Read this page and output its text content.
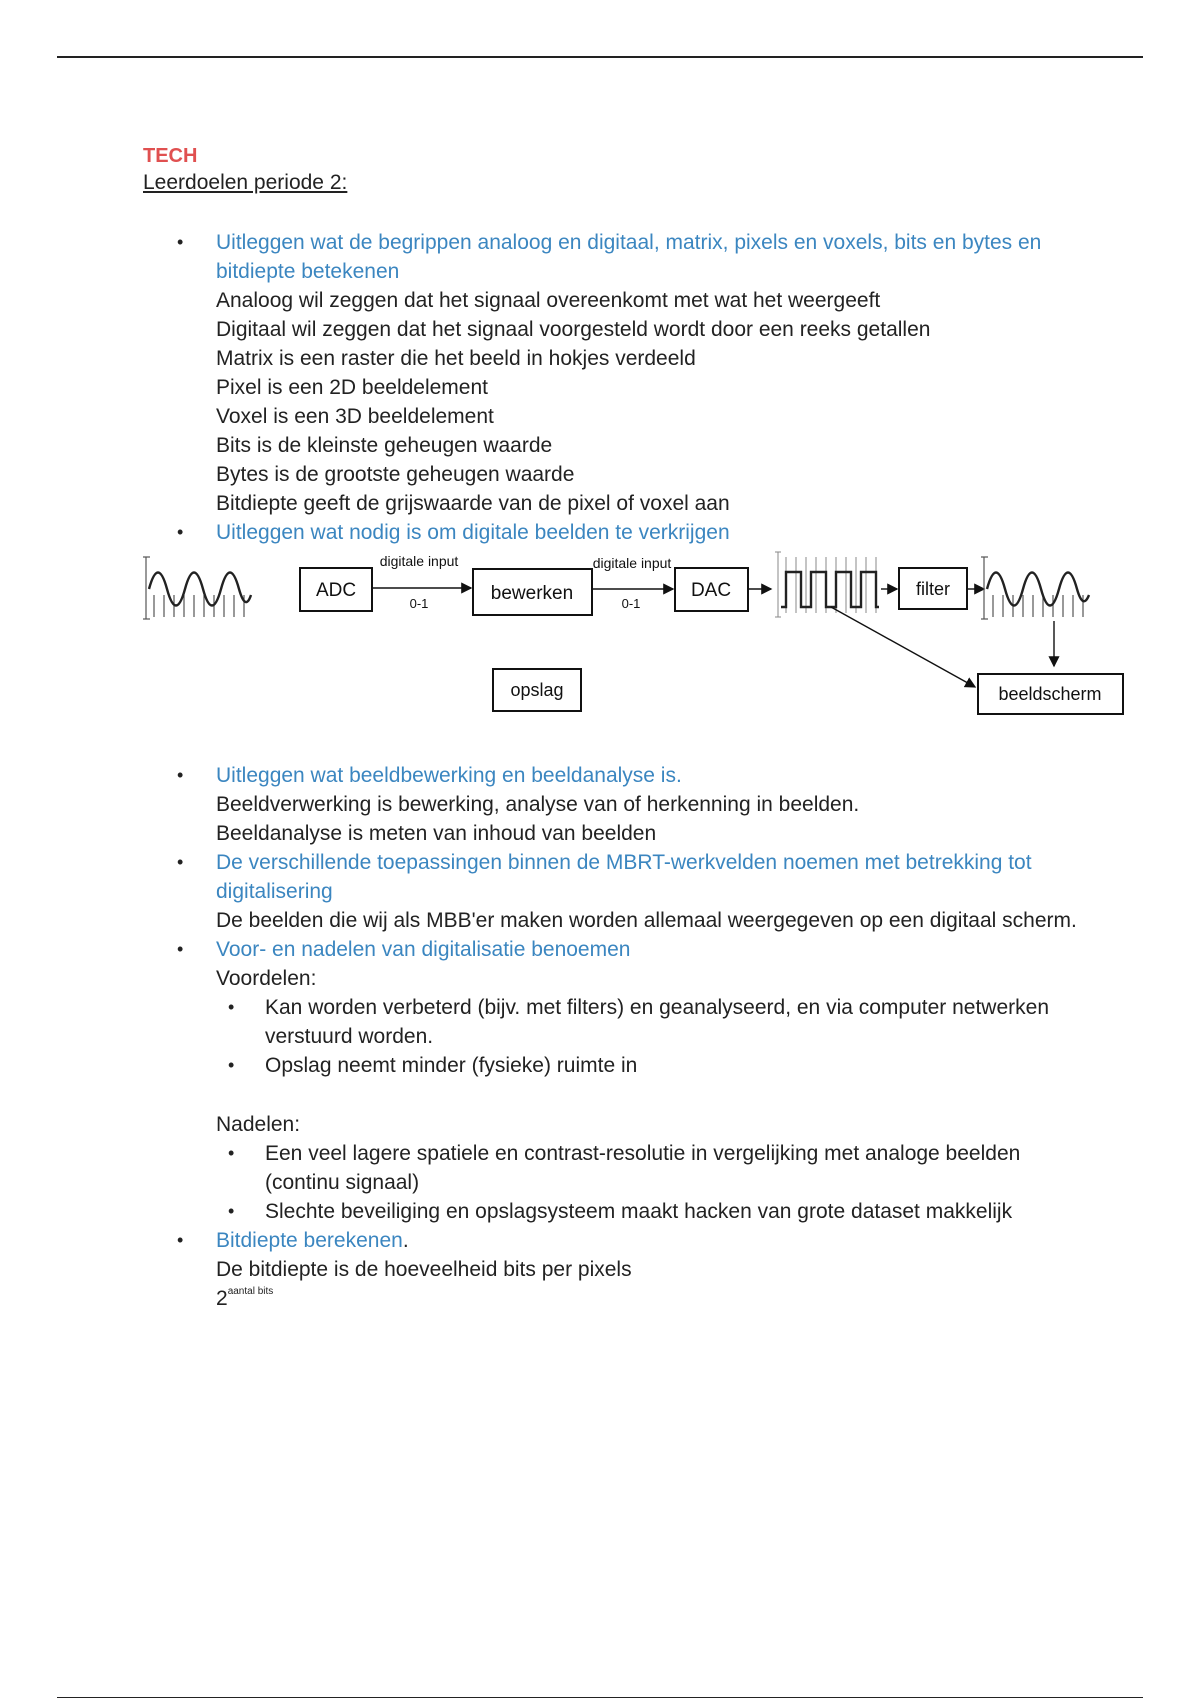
TECH
Leerdoelen periode 2:
• Uitleggen wat de begrippen analoog en digitaal, matrix, pixels en voxels, bits en bytes en bitdiepte betekenen
Analoog wil zeggen dat het signaal overeenkomt met wat het weergeeft
Digitaal wil zeggen dat het signaal voorgesteld wordt door een reeks getallen
Matrix is een raster die het beeld in hokjes verdeeld
Pixel is een 2D beeldelement
Voxel is een 3D beeldelement
Bits is de kleinste geheugen waarde
Bytes is de grootste geheugen waarde
Bitdiepte geeft de grijswaarde van de pixel of voxel aan
• Uitleggen wat nodig is om digitale beelden te verkrijgen
ADC
digitale input
0-1	bewerken
digitale input
0-1
DAC	filter
opslag	beeldscherm
• Uitleggen wat beeldbewerking en beeldanalyse is.
Beeldverwerking is bewerking, analyse van of herkenning in beelden.
Beeldanalyse is meten van inhoud van beelden
• De verschillende toepassingen binnen de MBRT-werkvelden noemen met betrekking tot digitalisering
De beelden die wij als MBB'er maken worden allemaal weergegeven op een digitaal scherm.
• Voor- en nadelen van digitalisatie benoemen
Voordelen:
• Kan worden verbeterd (bijv. met filters) en geanalyseerd, en via computer netwerken verstuurd worden.
• Opslag neemt minder (fysieke) ruimte in
Nadelen:
• Een veel lagere spatiele en contrast-resolutie in vergelijking met analoge beelden (continu signaal)
• Slechte beveiliging en opslagsysteem maakt hacken van grote dataset makkelijk
• Bitdiepte berekenen.
De bitdiepte is de hoeveelheid bits per pixels
$2^{aantal bits}$
